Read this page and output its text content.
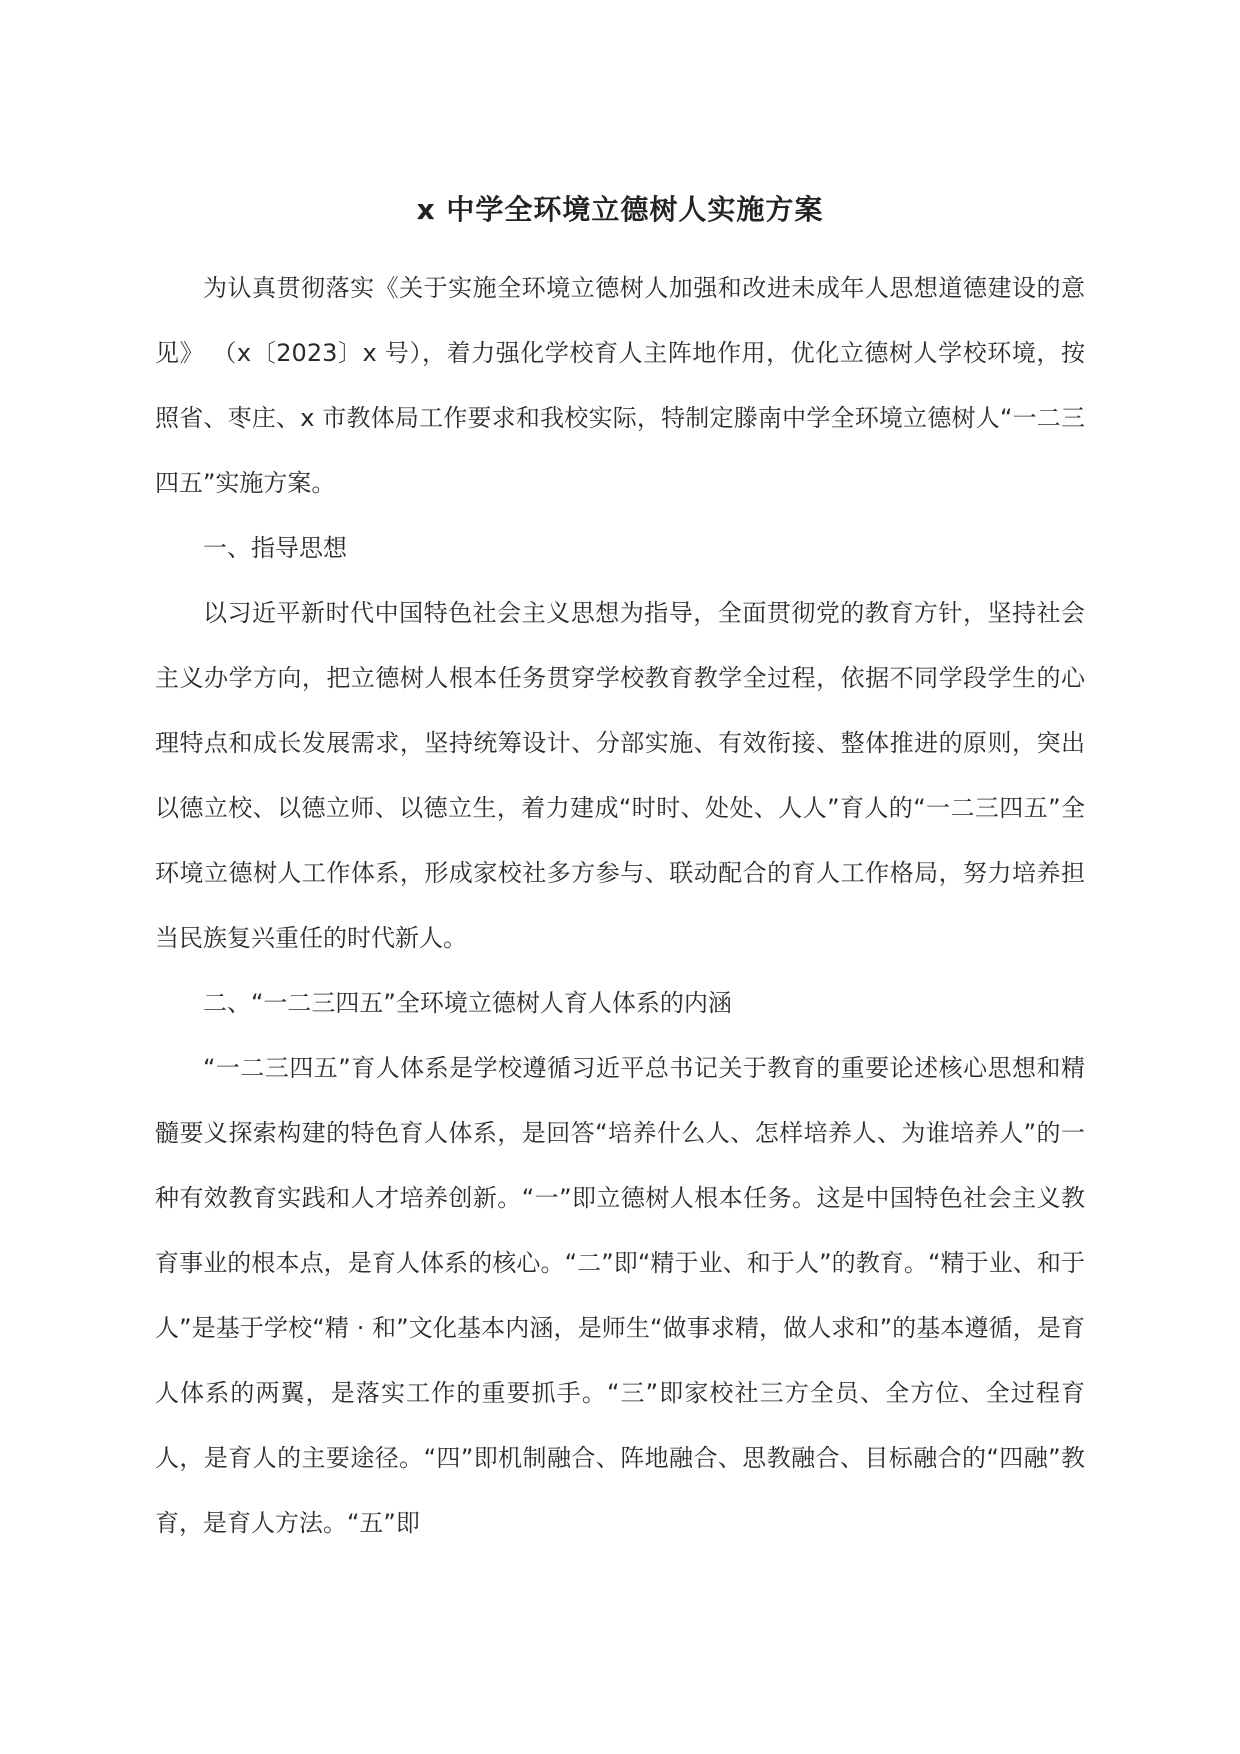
x 中学全环境立德树人实施方案

为认真贯彻落实《关于实施全环境立德树人加强和改进未成年人思想道德建设的意见》 （x〔2023〕x 号），着力强化学校育人主阵地作用，优化立德树人学校环境，按照省、枣庄、x 市教体局工作要求和我校实际，特制定滕南中学全环境立德树人“一二三四五”实施方案。

一、指导思想

以习近平新时代中国特色社会主义思想为指导，全面贯彻党的教育方针，坚持社会主义办学方向，把立德树人根本任务贯穿学校教育教学全过程，依据不同学段学生的心理特点和成长发展需求，坚持统筹设计、分部实施、有效衔接、整体推进的原则，突出以德立校、以德立师、以德立生，着力建成“时时、处处、人人”育人的“一二三四五”全环境立德树人工作体系，形成家校社多方参与、联动配合的育人工作格局，努力培养担当民族复兴重任的时代新人。

二、“一二三四五”全环境立德树人育人体系的内涵

“一二三四五”育人体系是学校遵循习近平总书记关于教育的重要论述核心思想和精髓要义探索构建的特色育人体系，是回答“培养什么人、怎样培养人、为谁培养人”的一种有效教育实践和人才培养创新。“一”即立德树人根本任务。这是中国特色社会主义教育事业的根本点，是育人体系的核心。“二”即“精于业、和于人”的教育。“精于业、和于人”是基于学校“精 · 和”文化基本内涵，是师生“做事求精，做人求和”的基本遵循，是育人体系的两翼，是落实工作的重要抓手。“三”即家校社三方全员、全方位、全过程育人，是育人的主要途径。“四”即机制融合、阵地融合、思教融合、目标融合的“四融”教育，是育人方法。“五”即
